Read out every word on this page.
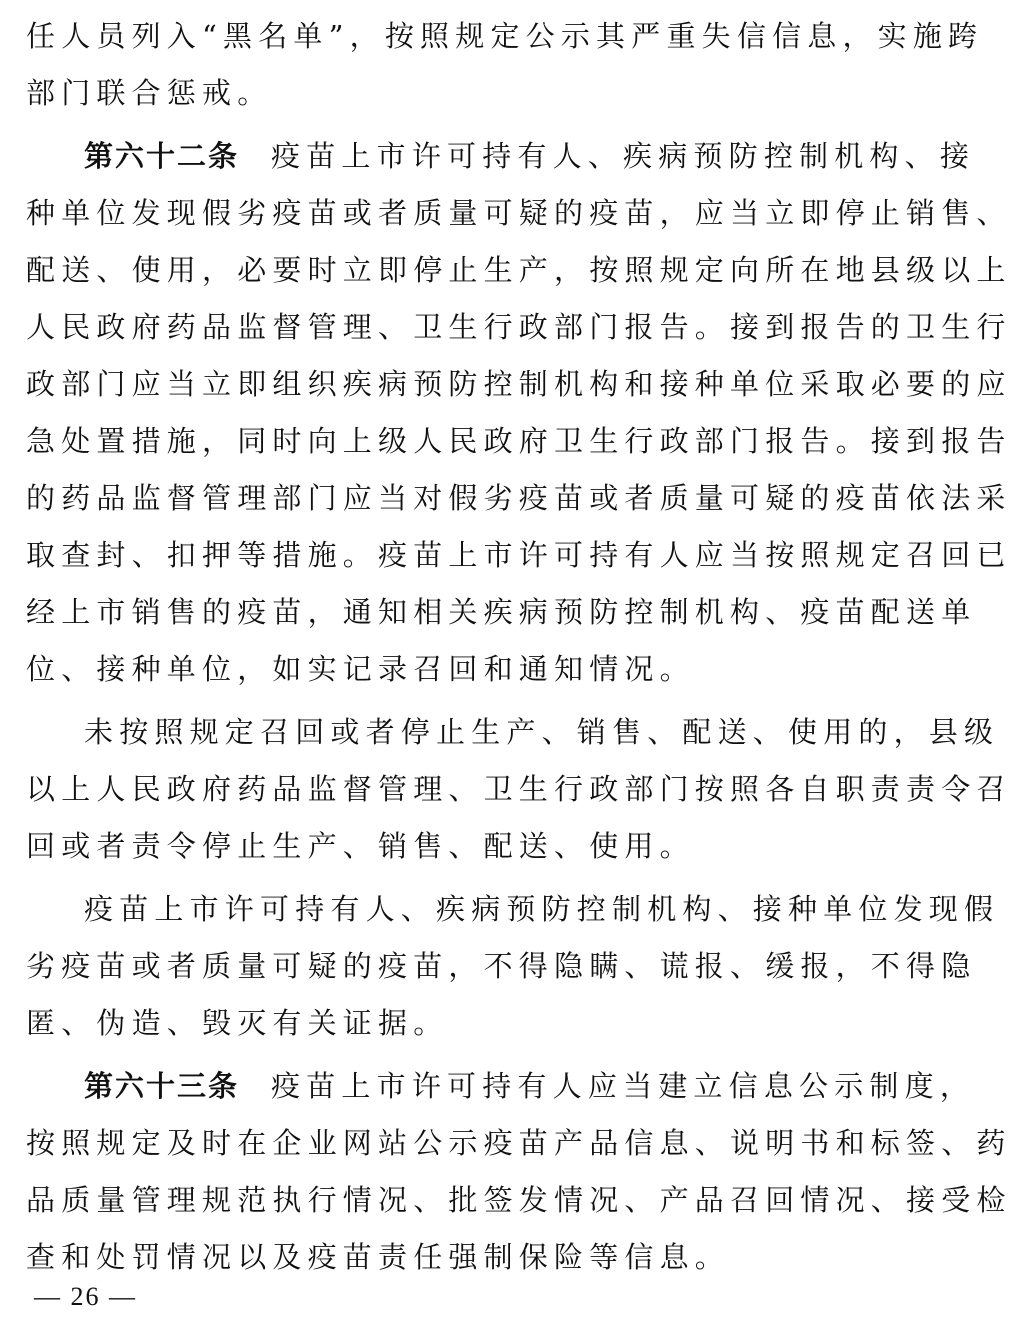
任人员列入“黑名单”，按照规定公示其严重失信信息，实施跨
部门联合惩戒。
第六十二条 疫苗上市许可持有人、疾病预防控制机构、接
种单位发现假劣疫苗或者质量可疑的疫苗，应当立即停止销售、
配送、使用，必要时立即停止生产，按照规定向所在地县级以上
人民政府药品监督管理、卫生行政部门报告。接到报告的卫生行
政部门应当立即组织疾病预防控制机构和接种单位采取必要的应
急处置措施，同时向上级人民政府卫生行政部门报告。接到报告
的药品监督管理部门应当对假劣疫苗或者质量可疑的疫苗依法采
取查封、扣押等措施。疫苗上市许可持有人应当按照规定召回已
经上市销售的疫苗，通知相关疾病预防控制机构、疫苗配送单
位、接种单位，如实记录召回和通知情况。
未按照规定召回或者停止生产、销售、配送、使用的，县级
以上人民政府药品监督管理、卫生行政部门按照各自职责责令召
回或者责令停止生产、销售、配送、使用。
疫苗上市许可持有人、疾病预防控制机构、接种单位发现假
劣疫苗或者质量可疑的疫苗，不得隐瞒、谎报、缓报，不得隐
匿、伪造、毁灭有关证据。
第六十三条 疫苗上市许可持有人应当建立信息公示制度，
按照规定及时在企业网站公示疫苗产品信息、说明书和标签、药
品质量管理规范执行情况、批签发情况、产品召回情况、接受检
查和处罚情况以及疫苗责任强制保险等信息。
— 26 —
